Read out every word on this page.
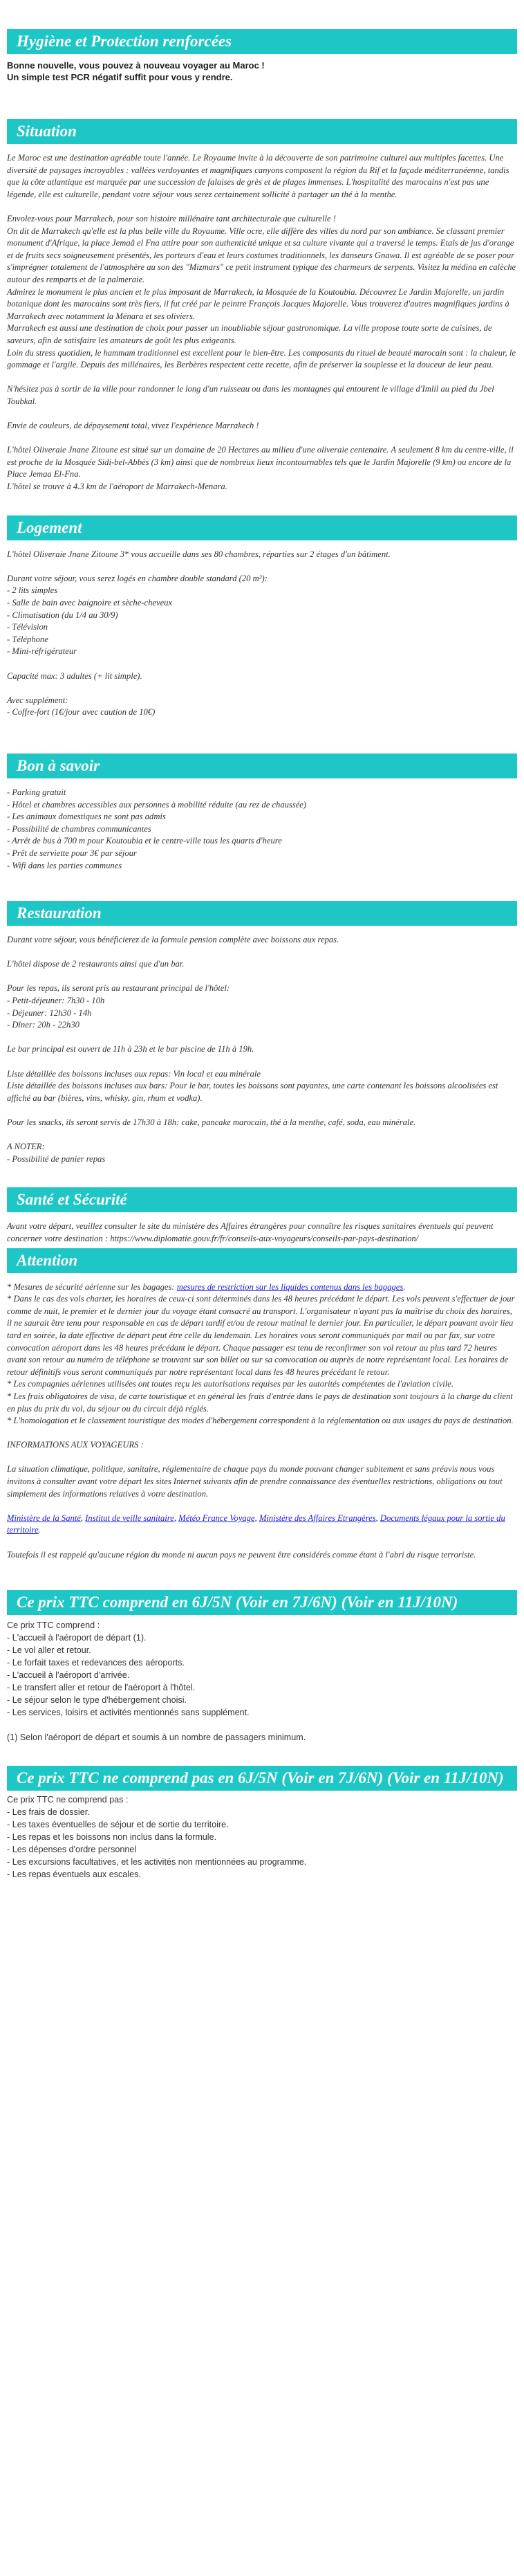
Hygiène et Protection renforcées
Bonne nouvelle, vous pouvez à nouveau voyager au Maroc !
Un simple test PCR négatif suffit pour vous y rendre.
Situation

Le Maroc est une destination agréable toute l'année. Le Royaume invite à la découverte de son patrimoine culturel aux multiples facettes. Une diversité de paysages incroyables : vallées verdoyantes et magnifiques canyons composent la région du Rif et la façade méditerranéenne, tandis que la côte atlantique est marquée par une succession de falaises de grès et de plages immenses. L'hospitalité des marocains n'est pas une légende, elle est culturelle, pendant votre séjour vous serez certainement sollicité à partager un thé à la menthe.

Envolez-vous pour Marrakech, pour son histoire millénaire tant architecturale que culturelle !

On dit de Marrakech qu'elle est la plus belle ville du Royaume. Ville ocre, elle diffère des villes du nord par son ambiance. Se classant premier monument d'Afrique, la place Jemaâ el Fna attire pour son authenticité unique et sa culture vivante qui a traversé le temps. Etals de jus d'orange et de fruits secs soigneusement présentés, les porteurs d'eau et leurs costumes traditionnels, les danseurs Gnawa. Il est agréable de se poser pour s'imprégner totalement de l'atmosphère au son des "Mizmars" ce petit instrument typique des charmeurs de serpents. Visitez la médina en calèche autour des remparts et de la palmeraie.

Admirez le monument le plus ancien et le plus imposant de Marrakech, la Mosquée de la Koutoubia. Découvrez Le Jardin Majorelle, un jardin botanique dont les marocains sont très fiers, il fut créé par le peintre François Jacques Majorelle. Vous trouverez d'autres magnifiques jardins à Marrakech avec notamment la Ménara et ses oliviers.

Marrakech est aussi une destination de choix pour passer un inoubliable séjour gastronomique. La ville propose toute sorte de cuisines, de saveurs, afin de satisfaire les amateurs de goût les plus exigeants.

Loin du stress quotidien, le hammam traditionnel est excellent pour le bien-être. Les composants du rituel de beauté marocain sont : la chaleur, le gommage et l'argile. Depuis des millénaires, les Berbères respectent cette recette, afin de préserver la souplesse et la douceur de leur peau.

N'hésitez pas à sortir de la ville pour randonner le long d'un ruisseau ou dans les montagnes qui entourent le village d'Imlil au pied du Jbel Toubkal.

Envie de couleurs, de dépaysement total, vivez l'expérience Marrakech !

L'hôtel Oliveraie Jnane Zitoune est situé sur un domaine de 20 Hectares au milieu d'une oliveraie centenaire. A seulement 8 km du centre-ville, il est proche de la Mosquée Sidi-bel-Abbès (3 km) ainsi que de nombreux lieux incontournables tels que le Jardin Majorelle (9 km) ou encore de la Place Jemaa El-Fna.

L'hôtel se trouve à 4.3 km de l'aéroport de Marrakech-Menara.

Logement

L'hôtel Oliveraie Jnane Zitoune 3* vous accueille dans ses 80 chambres, réparties sur 2 étages d'un bâtiment.

Durant votre séjour, vous serez logés en chambre double standard (20 m²):

- 2 lits simples

- Salle de bain avec baignoire et sèche-cheveux

- Climatisation (du 1/4 au 30/9)

- Télévision

- Téléphone

- Mini-réfrigérateur

Capacité max: 3 adultes (+ lit simple).

Avec supplément:

- Coffre-fort (1€/jour avec caution de 10€)

Bon à savoir

- Parking gratuit

- Hôtel et chambres accessibles aux personnes à mobilité réduite (au rez de chaussée)

- Les animaux domestiques ne sont pas admis

- Possibilité de chambres communicantes

- Arrêt de bus à 700 m pour Koutoubia et le centre-ville tous les quarts d'heure

- Prêt de serviette pour 3€ par séjour

- Wifi dans les parties communes

Restauration

Durant votre séjour, vous bénéficierez de la formule pension complète avec boissons aux repas.

L'hôtel dispose de 2 restaurants ainsi que d'un bar.

Pour les repas, ils seront pris au restaurant principal de l'hôtel:

- Petit-déjeuner: 7h30 - 10h

- Déjeuner: 12h30 - 14h

- Dîner: 20h - 22h30

Le bar principal est ouvert de 11h à 23h et le bar piscine de 11h à 19h.

Liste détaillée des boissons incluses aux repas: Vin local et eau minérale

Liste détaillée des boissons incluses aux bars: Pour le bar, toutes les boissons sont payantes, une carte contenant les boissons alcoolisées est affiché au bar (bières, vins, whisky, gin, rhum et vodka).

Pour les snacks, ils seront servis de 17h30 à 18h: cake, pancake marocain, thé à la menthe, café, soda, eau minérale.

A NOTER:

- Possibilité de panier repas

Santé et Sécurité

Avant votre départ, veuillez consulter le site du ministère des Affaires étrangères pour connaître les risques sanitaires éventuels qui peuvent concerner votre destination : https://www.diplomatie.gouv.fr/fr/conseils-aux-voyageurs/conseils-par-pays-destination/

Attention

* Mesures de sécurité aérienne sur les bagages: mesures de restriction sur les liquides contenus dans les bagages.

* Dans le cas des vols charter, les horaires de ceux-ci sont déterminés dans les 48 heures précédant le départ. Les vols peuvent s'effectuer de jour comme de nuit, le premier et le dernier jour du voyage étant consacré au transport. L'organisateur n'ayant pas la maîtrise du choix des horaires, il ne saurait être tenu pour responsable en cas de départ tardif et/ou de retour matinal le dernier jour. En particulier, le départ pouvant avoir lieu tard en soirée, la date effective de départ peut être celle du lendemain. Les horaires vous seront communiqués par mail ou par fax, sur votre convocation aéroport dans les 48 heures précédant le départ. Chaque passager est tenu de reconfirmer son vol retour au plus tard 72 heures avant son retour au numéro de téléphone se trouvant sur son billet ou sur sa convocation ou auprès de notre représentant local. Les horaires de retour définitifs vous seront communiqués par notre représentant local dans les 48 heures précédant le retour.

* Les compagnies aériennes utilisées ont toutes reçu les autorisations requises par les autorités compétentes de l'aviation civile.

* Les frais obligatoires de visa, de carte touristique et en général les frais d'entrée dans le pays de destination sont toujours à la charge du client en plus du prix du vol, du séjour ou du circuit déjà réglés.

* L'homologation et le classement touristique des modes d'hébergement correspondent à la réglementation ou aux usages du pays de destination.

INFORMATIONS AUX VOYAGEURS :

La situation climatique, politique, sanitaire, réglementaire de chaque pays du monde pouvant changer subitement et sans préavis nous vous invitons à consulter avant votre départ les sites Internet suivants afin de prendre connaissance des éventuelles restrictions, obligations ou tout simplement des informations relatives à votre destination.

Ministère de la Santé, Institut de veille sanitaire, Météo France Voyage, Ministère des Affaires Etrangères, Documents légaux pour la sortie du territoire.

Toutefois il est rappelé qu'aucune région du monde ni aucun pays ne peuvent être considérés comme étant à l'abri du risque terroriste.

Ce prix TTC comprend en 6J/5N (Voir en 7J/6N) (Voir en 11J/10N)

Ce prix TTC comprend :

- L'accueil à l'aéroport de départ (1).

- Le vol aller et retour.

- Le forfait taxes et redevances des aéroports.

- L'accueil à l'aéroport d'arrivée.

- Le transfert aller et retour de l'aéroport à l'hôtel.

- Le séjour selon le type d'hébergement choisi.

- Les services, loisirs et activités mentionnés sans supplément.

(1) Selon l'aéroport de départ et soumis à un nombre de passagers minimum.

Ce prix TTC ne comprend pas en 6J/5N (Voir en 7J/6N) (Voir en 11J/10N)

Ce prix TTC ne comprend pas :

- Les frais de dossier.

- Les taxes éventuelles de séjour et de sortie du territoire.

- Les repas et les boissons non inclus dans la formule.

- Les dépenses d'ordre personnel

- Les excursions facultatives, et les activités non mentionnées au programme.

- Les repas éventuels aux escales.
